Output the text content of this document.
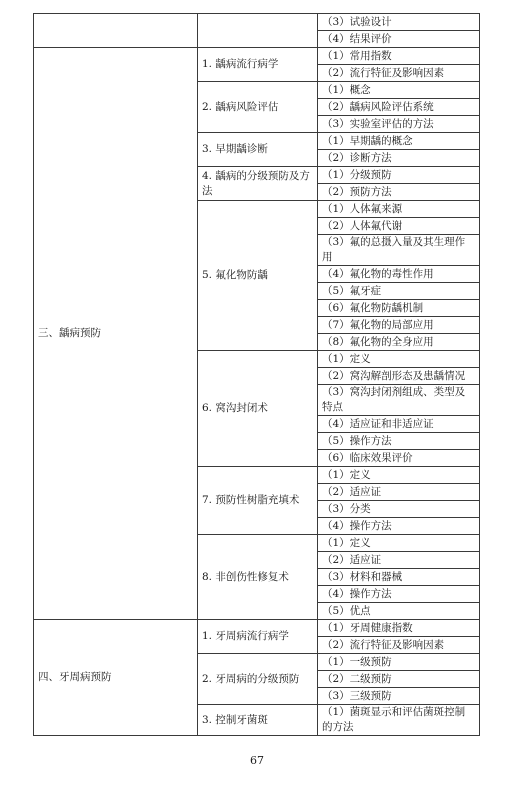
		（3）试验设计
		（4）结果评价
三、龋病预防	1. 龋病流行病学	（1）常用指数
		（2）流行特征及影响因素
	2. 龋病风险评估	（1）概念
		（2）龋病风险评估系统
		（3）实验室评估的方法
	3. 早期龋诊断	（1）早期龋的概念
		（2）诊断方法
	4. 龋病的分级预防及方法	（1）分级预防
		（2）预防方法
	5. 氟化物防龋	（1）人体氟来源
		（2）人体氟代谢
		（3）氟的总摄入量及其生理作用
		（4）氟化物的毒性作用
		（5）氟牙症
		（6）氟化物防龋机制
		（7）氟化物的局部应用
		（8）氟化物的全身应用
	6. 窝沟封闭术	（1）定义
		（2）窝沟解剖形态及患龋情况
		（3）窝沟封闭剂组成、类型及特点
		（4）适应证和非适应证
		（5）操作方法
		（6）临床效果评价
	7. 预防性树脂充填术	（1）定义
		（2）适应证
		（3）分类
		（4）操作方法
	8. 非创伤性修复术	（1）定义
		（2）适应证
		（3）材料和器械
		（4）操作方法
		（5）优点
四、牙周病预防	1. 牙周病流行病学	（1）牙周健康指数
		（2）流行特征及影响因素
	2. 牙周病的分级预防	（1）一级预防
		（2）二级预防
		（3）三级预防
	3. 控制牙菌斑	（1）菌斑显示和评估菌斑控制的方法
67
